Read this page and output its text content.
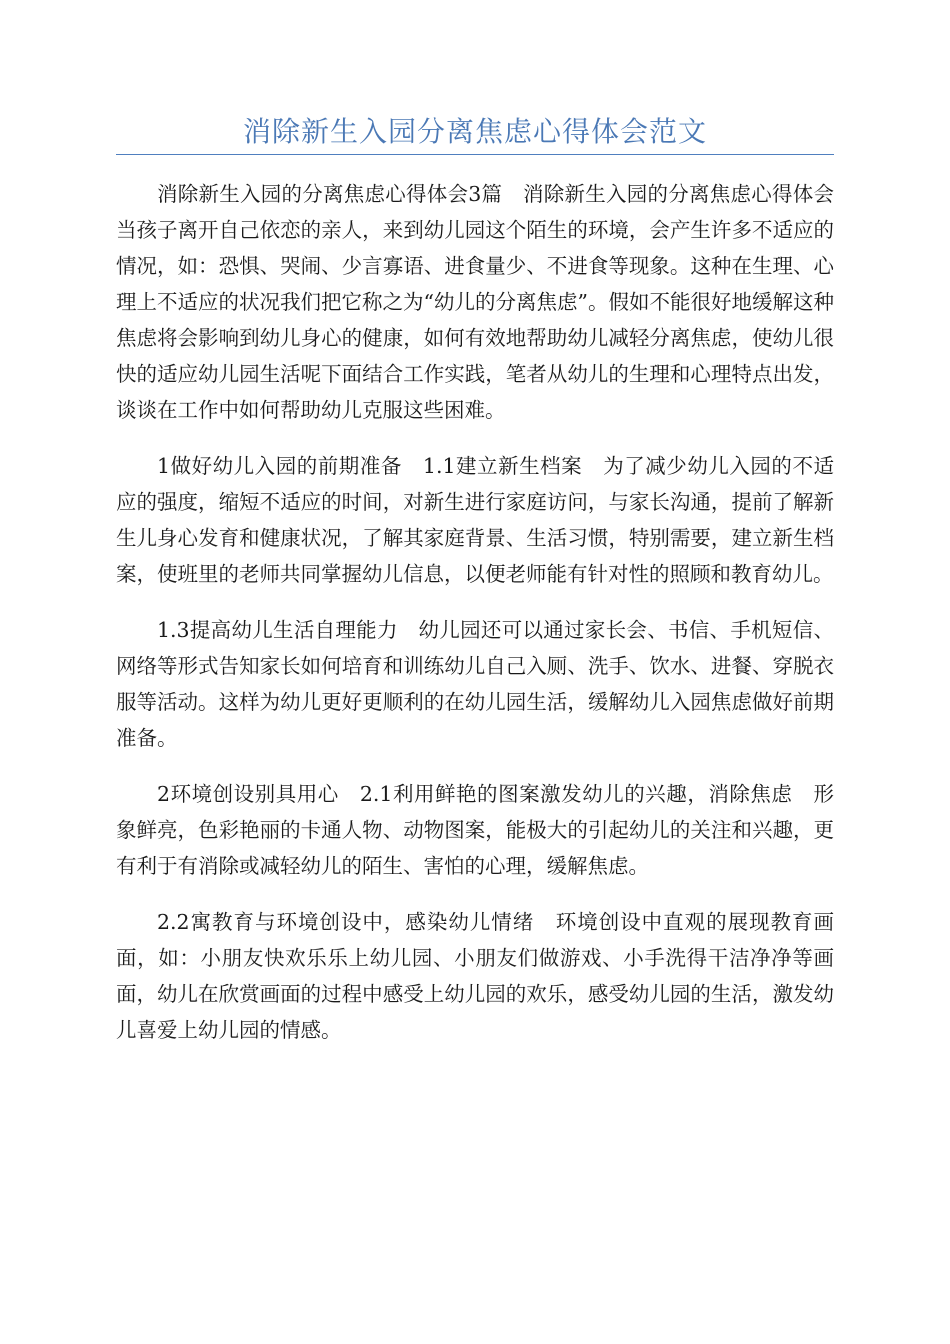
消除新生入园分离焦虑心得体会范文

消除新生入园的分离焦虑心得体会3篇　消除新生入园的分离焦虑心得体会　当孩子离开自己依恋的亲人，来到幼儿园这个陌生的环境，会产生许多不适应的情况，如：恐惧、哭闹、少言寡语、进食量少、不进食等现象。这种在生理、心理上不适应的状况我们把它称之为“幼儿的分离焦虑”。假如不能很好地缓解这种焦虑将会影响到幼儿身心的健康，如何有效地帮助幼儿减轻分离焦虑，使幼儿很快的适应幼儿园生活呢下面结合工作实践，笔者从幼儿的生理和心理特点出发，谈谈在工作中如何帮助幼儿克服这些困难。

1做好幼儿入园的前期准备　1.1建立新生档案　为了减少幼儿入园的不适应的强度，缩短不适应的时间，对新生进行家庭访问，与家长沟通，提前了解新生儿身心发育和健康状况，了解其家庭背景、生活习惯，特别需要，建立新生档案，使班里的老师共同掌握幼儿信息，以便老师能有针对性的照顾和教育幼儿。

1.3提高幼儿生活自理能力　幼儿园还可以通过家长会、书信、手机短信、网络等形式告知家长如何培育和训练幼儿自己入厕、洗手、饮水、进餐、穿脱衣服等活动。这样为幼儿更好更顺利的在幼儿园生活，缓解幼儿入园焦虑做好前期准备。

2环境创设别具用心　2.1利用鲜艳的图案激发幼儿的兴趣，消除焦虑　形象鲜亮，色彩艳丽的卡通人物、动物图案，能极大的引起幼儿的关注和兴趣，更有利于有消除或减轻幼儿的陌生、害怕的心理，缓解焦虑。

2.2寓教育与环境创设中，感染幼儿情绪　环境创设中直观的展现教育画面，如：小朋友快欢乐乐上幼儿园、小朋友们做游戏、小手洗得干洁净净等画面，幼儿在欣赏画面的过程中感受上幼儿园的欢乐，感受幼儿园的生活，激发幼儿喜爱上幼儿园的情感。
